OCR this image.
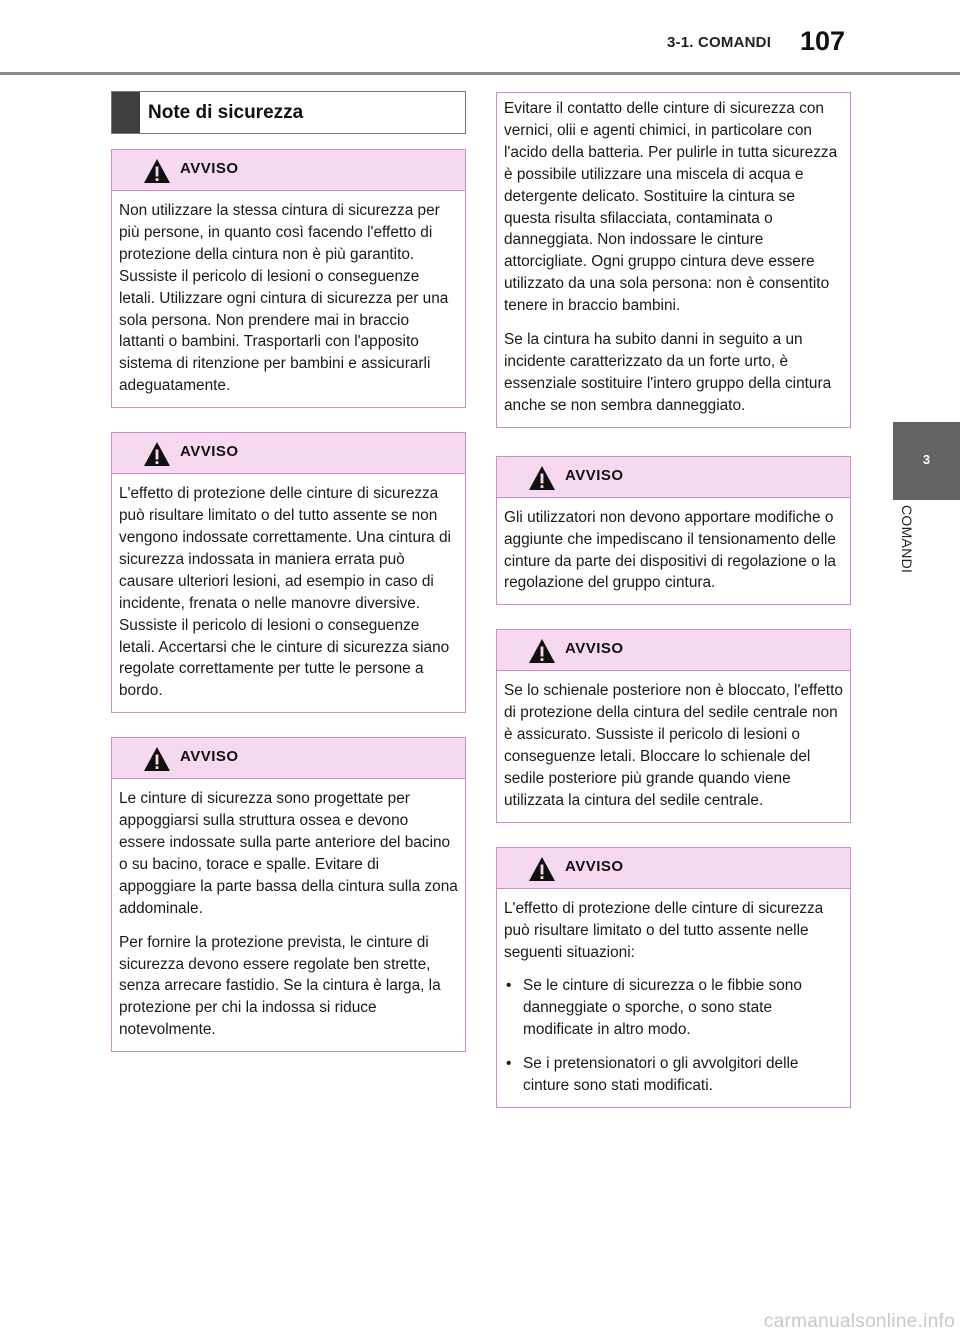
3-1. COMANDI 107
3
COMANDI
Note di sicurezza
AVVISO

Non utilizzare la stessa cintura di sicurezza per più persone, in quanto così facendo l'effetto di protezione della cintura non è più garantito. Sussiste il pericolo di lesioni o conseguenze letali. Utilizzare ogni cintura di sicurezza per una sola persona. Non prendere mai in braccio lattanti o bambini. Trasportarli con l'apposito sistema di ritenzione per bambini e assicurarli adeguatamente.

AVVISO

L'effetto di protezione delle cinture di sicurezza può risultare limitato o del tutto assente se non vengono indossate correttamente. Una cintura di sicurezza indossata in maniera errata può causare ulteriori lesioni, ad esempio in caso di incidente, frenata o nelle manovre diversive. Sussiste il pericolo di lesioni o conseguenze letali. Accertarsi che le cinture di sicurezza siano regolate correttamente per tutte le persone a bordo.

AVVISO

Le cinture di sicurezza sono progettate per appoggiarsi sulla struttura ossea e devono essere indossate sulla parte anteriore del bacino o su bacino, torace e spalle. Evitare di appoggiare la parte bassa della cintura sulla zona addominale.

Per fornire la protezione prevista, le cinture di sicurezza devono essere regolate ben strette, senza arrecare fastidio. Se la cintura è larga, la protezione per chi la indossa si riduce notevolmente.

Evitare il contatto delle cinture di sicurezza con vernici, olii e agenti chimici, in particolare con l'acido della batteria. Per pulirle in tutta sicurezza è possibile utilizzare una miscela di acqua e detergente delicato. Sostituire la cintura se questa risulta sfilacciata, contaminata o danneggiata. Non indossare le cinture attorcigliate. Ogni gruppo cintura deve essere utilizzato da una sola persona: non è consentito tenere in braccio bambini.

Se la cintura ha subito danni in seguito a un incidente caratterizzato da un forte urto, è essenziale sostituire l'intero gruppo della cintura anche se non sembra danneggiato.

AVVISO

Gli utilizzatori non devono apportare modifiche o aggiunte che impediscano il tensionamento delle cinture da parte dei dispositivi di regolazione o la regolazione del gruppo cintura.

AVVISO

Se lo schienale posteriore non è bloccato, l'effetto di protezione della cintura del sedile centrale non è assicurato. Sussiste il pericolo di lesioni o conseguenze letali. Bloccare lo schienale del sedile posteriore più grande quando viene utilizzata la cintura del sedile centrale.

AVVISO

L'effetto di protezione delle cinture di sicurezza può risultare limitato o del tutto assente nelle seguenti situazioni:

• Se le cinture di sicurezza o le fibbie sono danneggiate o sporche, o sono state modificate in altro modo.
• Se i pretensionatori o gli avvolgitori delle cinture sono stati modificati.
carmanualsonline.info
